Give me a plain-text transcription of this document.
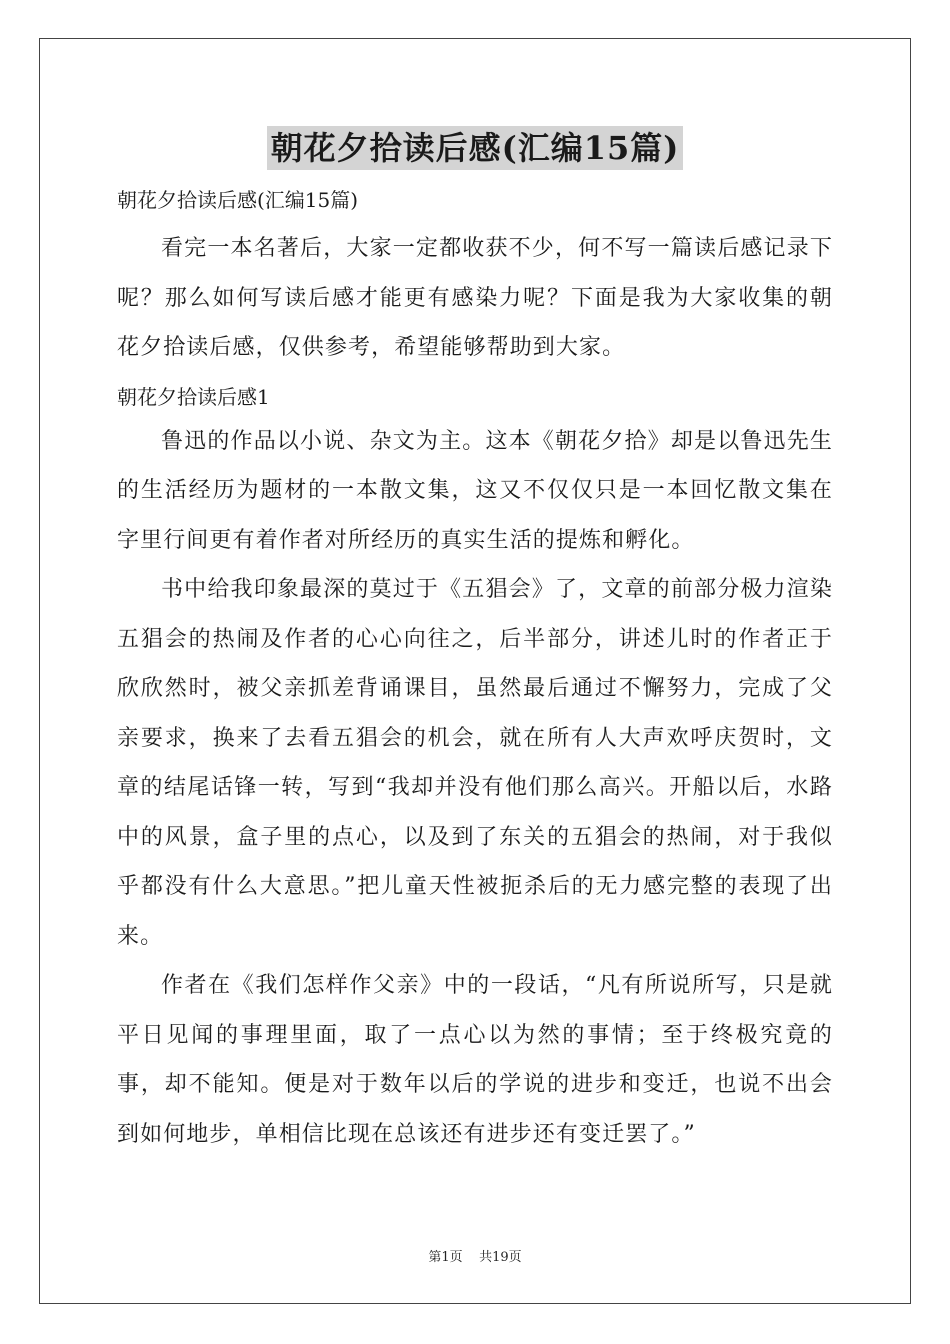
朝花夕拾读后感(汇编15篇)

朝花夕拾读后感(汇编15篇)

看完一本名著后，大家一定都收获不少，何不写一篇读后感记录下呢？那么如何写读后感才能更有感染力呢？下面是我为大家收集的朝花夕拾读后感，仅供参考，希望能够帮助到大家。

朝花夕拾读后感1

鲁迅的作品以小说、杂文为主。这本《朝花夕拾》却是以鲁迅先生的生活经历为题材的一本散文集，这又不仅仅只是一本回忆散文集在字里行间更有着作者对所经历的真实生活的提炼和孵化。

书中给我印象最深的莫过于《五猖会》了，文章的前部分极力渲染五猖会的热闹及作者的心心向往之，后半部分，讲述儿时的作者正于欣欣然时，被父亲抓差背诵课目，虽然最后通过不懈努力，完成了父亲要求，换来了去看五猖会的机会，就在所有人大声欢呼庆贺时，文章的结尾话锋一转，写到“我却并没有他们那么高兴。开船以后，水路中的风景，盒子里的点心，以及到了东关的五猖会的热闹，对于我似乎都没有什么大意思。”把儿童天性被扼杀后的无力感完整的表现了出来。

作者在《我们怎样作父亲》中的一段话，“凡有所说所写，只是就平日见闻的事理里面，取了一点心以为然的事情；至于终极究竟的事，却不能知。便是对于数年以后的学说的进步和变迁，也说不出会到如何地步，单相信比现在总该还有进步还有变迁罢了。”

第1页 共19页
